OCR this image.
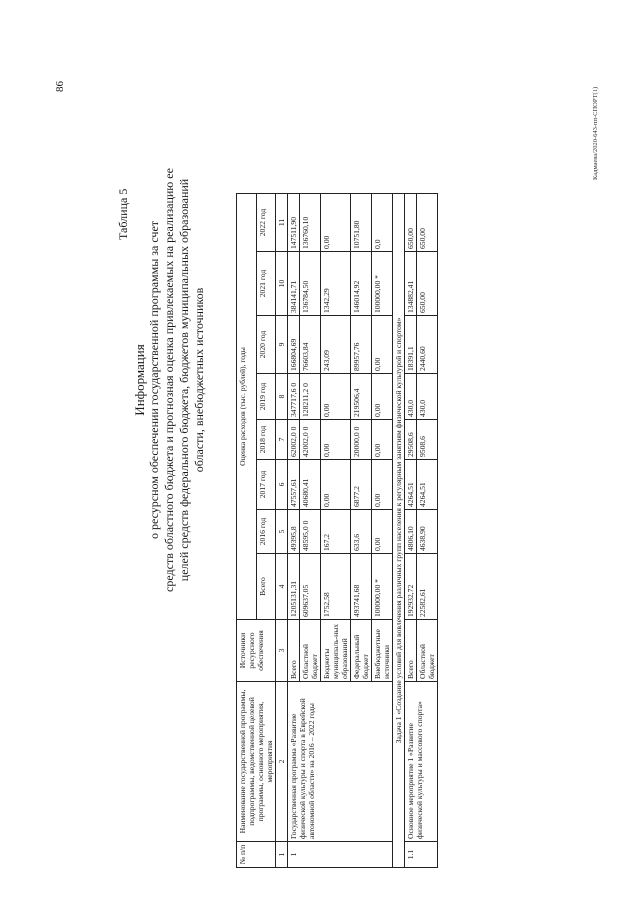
86
Таблица 5
Информация о ресурсном обеспечении государственной программы за счет средств областного бюджета и прогнозная оценка привлекаемых на реализацию ее целей средств федерального бюджета, бюджетов муниципальных образований области, внебюджетных источников
№ п/п	Наименование государственной программы, подпрограммы, ведомственной целевой программы, основного мероприятия, мероприятия	Источники ресурсного обеспечения	Оценка расходов (тыс. рублей), годы							
			Всего	2016 год	2017 год	2018 год	2019 год	2020 год	2021 год	2022 год
1	2	3	4	5	6	7	8	9	10	11
1	Государственная программа «Развитие физической культуры и спорта в Еврейской автономной области» на 2016 – 2022 годы	Всего	1205131,31	49395,8	47557,61	62002,0 0	347717,6 0	166804,69	384141,71	147511,90
		Областной бюджет	609637,05	48595,0 0	40680,41	42002,0 0	128211,2 0	76603,84	136784,50	136760,10
		Бюджеты муниципаль-ных образований	1752,58	167,2	0,00	0,00	0,00	243,09	1342,29	0,00
		Федеральный бюджет	493741,68	633,6	6877,2	20000,0 0	219506,4	89957,76	146014,92	10751,80
		Внебюджетные источники	100000,00 *	0,00	0,00	0,00	0,00	0,00	100000,00 *	0,0
Задача 1 «Создание условий для вовлечения различных групп населения к регулярным занятиям физической культурой и спортом»										
1.1	Основное мероприятие 1 «Развитие физической культуры и массового спорта»	Всего	192932,72	4806,10	4264,51	29508,6	430,0	18391,1	134882,41	650,00
		Областной бюджет	22582,61	4638,90	4264,51	9508,6	430,0	2440,60	650,00	650,00
Кадмаева/2020-643-пп-СПОРТ(1)
